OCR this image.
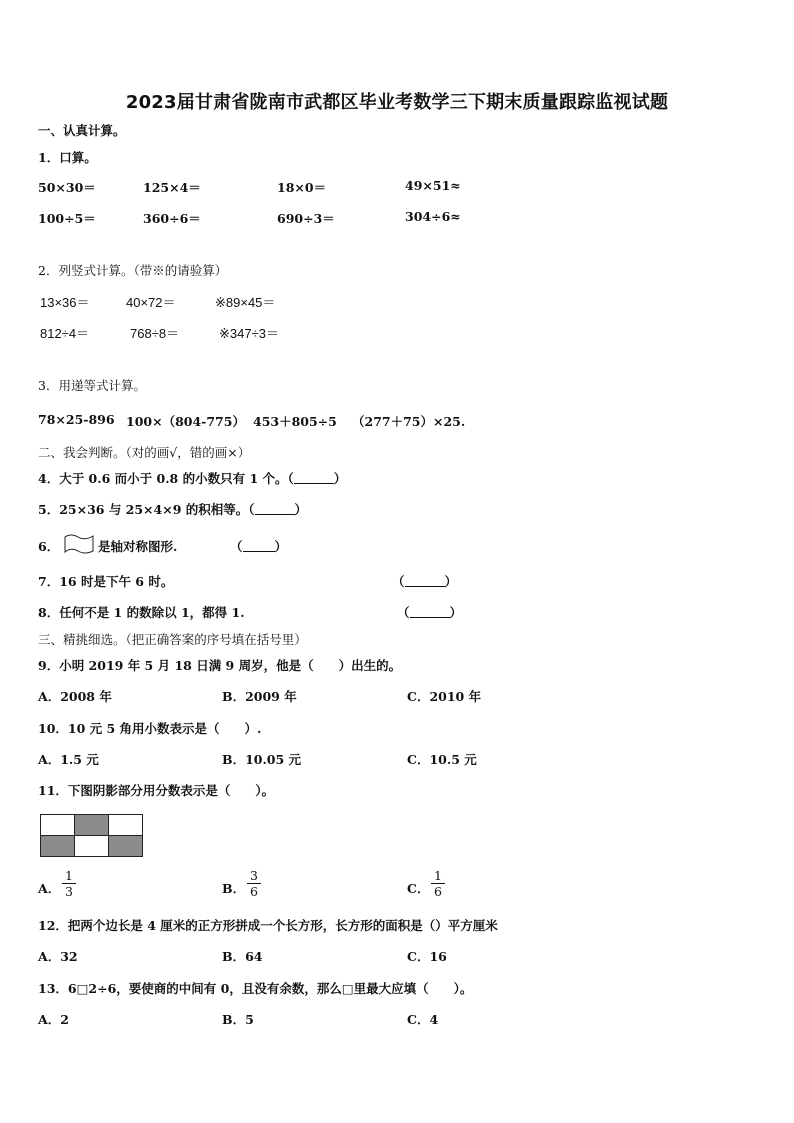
2023届甘肃省陇南市武都区毕业考数学三下期末质量跟踪监视试题
一、认真计算。
1．口算。
50×30＝	125×4＝	18×0＝	49×51≈
100÷5＝	360÷6＝	690÷3＝	304÷6≈
2．列竖式计算。（带※的请验算）
13×36＝	40×72＝	※89×45＝
812÷4＝	768÷8＝	※347÷3＝
3．用递等式计算。
78×25-896 100×（804-775） 453＋805÷5 （277＋75）×25.
二、我会判断。（对的画√，错的画×）
4．大于 0.6 而小于 0.8 的小数只有 1 个。（	）
5．25×36 与 25×4×9 的积相等。（	）
6．	是轴对称图形.	（	）
7．16 时是下午 6 时。	（	）
8．任何不是 1 的数除以 1，都得 1.	（	）
三、精挑细选。（把正确答案的序号填在括号里）
9．小明 2019 年 5 月 18 日满 9 周岁，他是（　　）出生的。
A．2008 年	B．2009 年	C．2010 年
10．10 元 5 角用小数表示是（　　）.
A．1.5 元	B．10.05 元	C．10.5 元
11．下图阴影部分用分数表示是（　　）。

A． $\frac{1}{3}$	B． $\frac{3}{6}$	C． $\frac{1}{6}$
12．把两个边长是 4 厘米的正方形拼成一个长方形，长方形的面积是（）平方厘米
A．32	B．64	C．16
13．6□2÷6，要使商的中间有 0，且没有余数，那么□里最大应填（　　）。
A．2	B．5	C．4
